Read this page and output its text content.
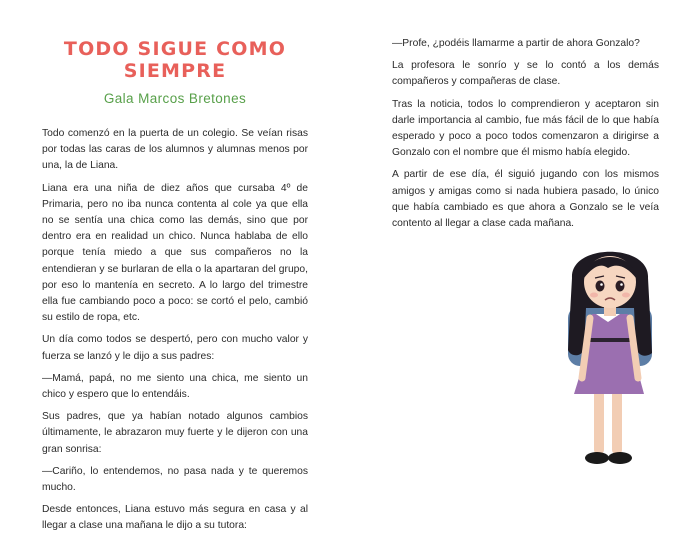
TODO SIGUE COMO SIEMPRE
Gala Marcos Bretones

Todo comenzó en la puerta de un colegio. Se veían risas por todas las caras de los alumnos y alumnas menos por una, la de Liana.

Liana era una niña de diez años que cursaba 4º de Primaria, pero no iba nunca contenta al cole ya que ella no se sentía una chica como las demás, sino que por dentro era en realidad un chico. Nunca hablaba de ello porque tenía miedo a que sus compañeros no la entendieran y se burlaran de ella o la apartaran del grupo, por eso lo mantenía en secreto. A lo largo del trimestre ella fue cambiando poco a poco: se cortó el pelo, cambió su estilo de ropa, etc.

Un día como todos se despertó, pero con mucho valor y fuerza se lanzó y le dijo a sus padres:

—Mamá, papá, no me siento una chica, me siento un chico y espero que lo entendáis.

Sus padres, que ya habían notado algunos cambios últimamente, le abrazaron muy fuerte y le dijeron con una gran sonrisa:

—Cariño, lo entendemos, no pasa nada y te queremos mucho.

Desde entonces, Liana estuvo más segura en casa y al llegar a clase una mañana le dijo a su tutora:

—Profe, ¿podéis llamarme a partir de ahora Gonzalo?

La profesora le sonrío y se lo contó a los demás compañeros y compañeras de clase.

Tras la noticia, todos lo comprendieron y aceptaron sin darle importancia al cambio, fue más fácil de lo que había esperado y poco a poco todos comenzaron a dirigirse a Gonzalo con el nombre que él mismo había elegido.

A partir de ese día, él siguió jugando con los mismos amigos y amigas como si nada hubiera pasado, lo único que había cambiado es que ahora a Gonzalo se le veía contento al llegar a clase cada mañana.
